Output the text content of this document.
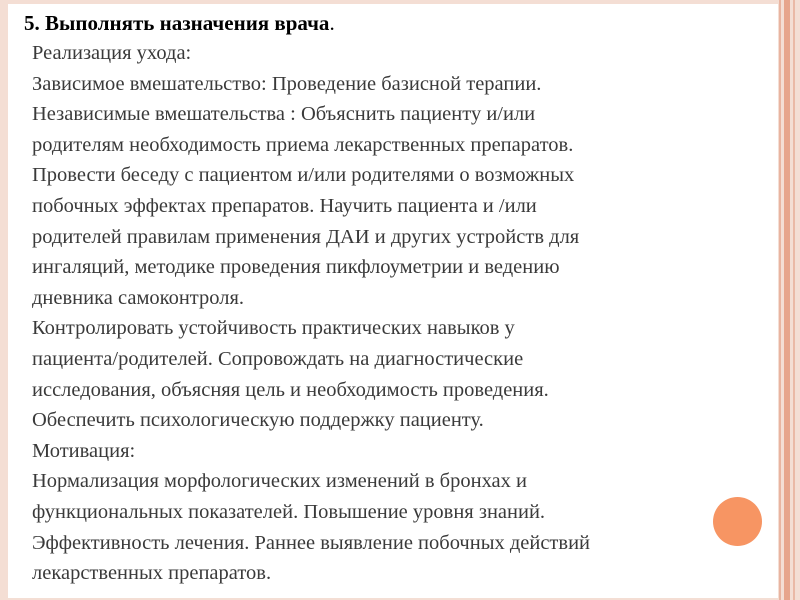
5. Выполнять назначения врача.

Реализация ухода:

Зависимое вмешательство: Проведение базисной терапии.

Независимые вмешательства : Объяснить пациенту и/или

родителям необходимость приема лекарственных препаратов.

Провести беседу с пациентом и/или родителями о возможных

побочных эффектах препаратов. Научить пациента и /или

родителей правилам применения ДАИ и других устройств для

ингаляций, методике проведения пикфлоуметрии и ведению

дневника самоконтроля.

Контролировать устойчивость практических навыков у

пациента/родителей. Сопровождать на диагностические

исследования, объясняя цель и необходимость проведения.

Обеспечить психологическую поддержку пациенту.

Мотивация:

Нормализация морфологических изменений в бронхах и

функциональных показателей. Повышение уровня знаний.

Эффективность лечения. Раннее выявление побочных действий

лекарственных препаратов.
